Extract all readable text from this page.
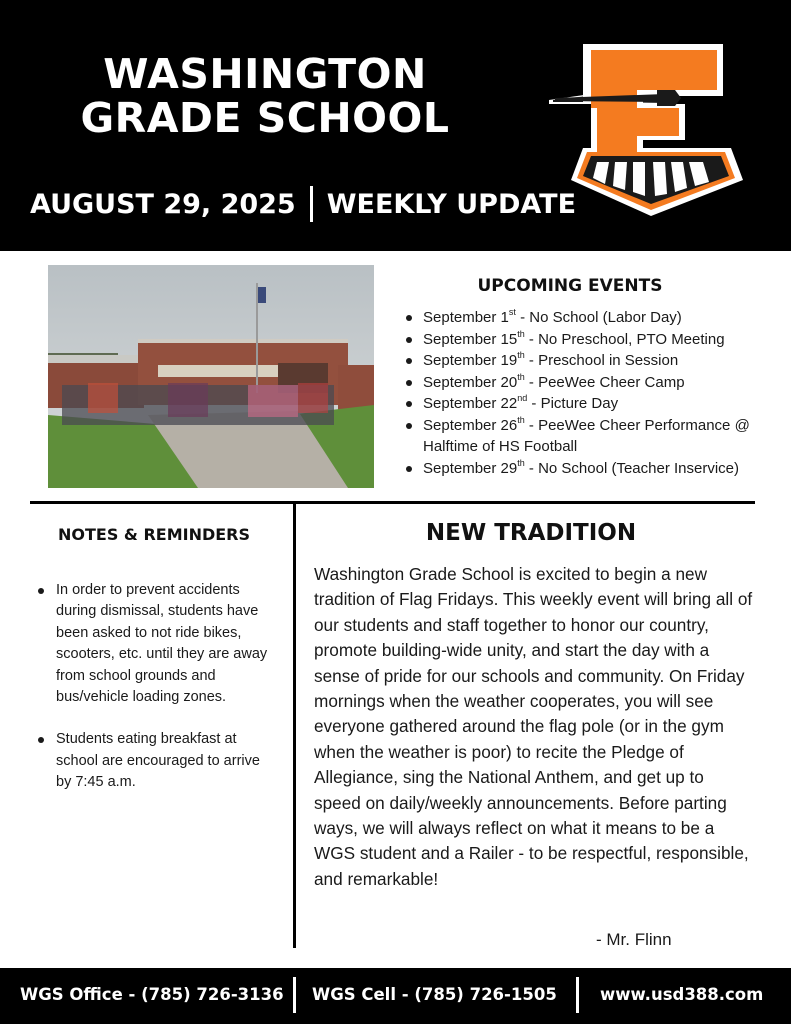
WASHINGTON
GRADE SCHOOL
AUGUST 29, 2025 WEEKLY UPDATE
UPCOMING EVENTS
September 1st - No School (Labor Day)
September 15th - No Preschool, PTO Meeting
September 19th - Preschool in Session
September 20th - PeeWee Cheer Camp
September 22nd - Picture Day
September 26th - PeeWee Cheer Performance @ Halftime of HS Football
September 29th - No School (Teacher Inservice)
NOTES & REMINDERS
In order to prevent accidents during dismissal, students have been asked to not ride bikes, scooters, etc. until they are away from school grounds and bus/vehicle loading zones.
Students eating breakfast at school are encouraged to arrive by 7:45 a.m.
NEW TRADITION
Washington Grade School is excited to begin a new tradition of Flag Fridays. This weekly event will bring all of our students and staff together to honor our country, promote building-wide unity, and start the day with a sense of pride for our schools and community. On Friday mornings when the weather cooperates, you will see everyone gathered around the flag pole (or in the gym when the weather is poor) to recite the Pledge of Allegiance, sing the National Anthem, and get up to speed on daily/weekly announcements. Before parting ways, we will always reflect on what it means to be a WGS student and a Railer - to be respectful, responsible, and remarkable!
- Mr. Flinn
WGS Office - (785) 726-3136 WGS Cell - (785) 726-1505	www.usd388.com
